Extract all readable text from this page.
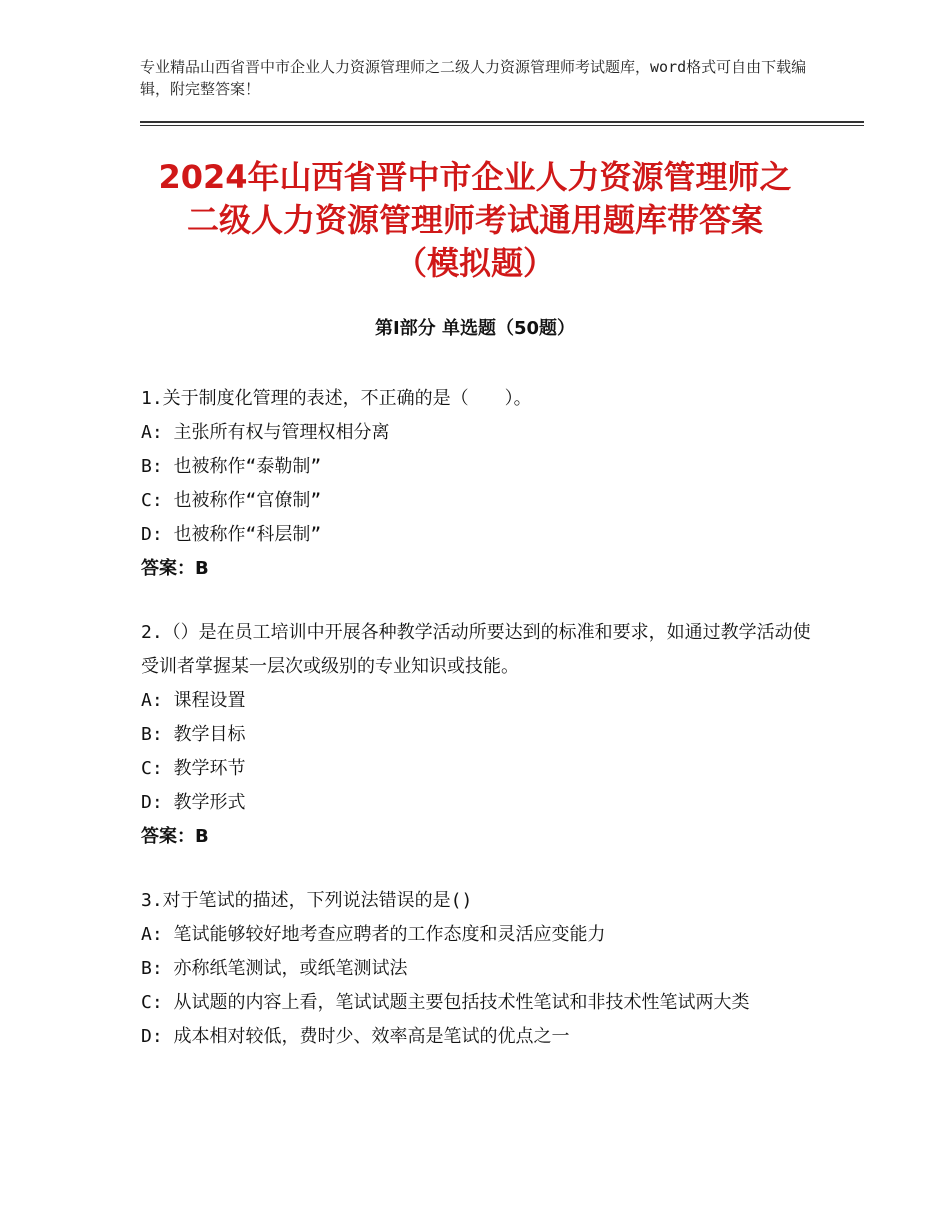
专业精品山西省晋中市企业人力资源管理师之二级人力资源管理师考试题库，word格式可自由下载编辑，附完整答案！
2024年山西省晋中市企业人力资源管理师之
二级人力资源管理师考试通用题库带答案
（模拟题）
第Ⅰ部分 单选题（50题）
1.关于制度化管理的表述，不正确的是（　　）。
A: 主张所有权与管理权相分离
B: 也被称作“泰勒制”
C: 也被称作“官僚制”
D: 也被称作“科层制”
答案：B
2.（）是在员工培训中开展各种教学活动所要达到的标准和要求，如通过教学活动使受训者掌握某一层次或级别的专业知识或技能。
A: 课程设置
B: 教学目标
C: 教学环节
D: 教学形式
答案：B
3.对于笔试的描述，下列说法错误的是()
A: 笔试能够较好地考查应聘者的工作态度和灵活应变能力
B: 亦称纸笔测试，或纸笔测试法
C: 从试题的内容上看，笔试试题主要包括技术性笔试和非技术性笔试两大类
D: 成本相对较低，费时少、效率高是笔试的优点之一
